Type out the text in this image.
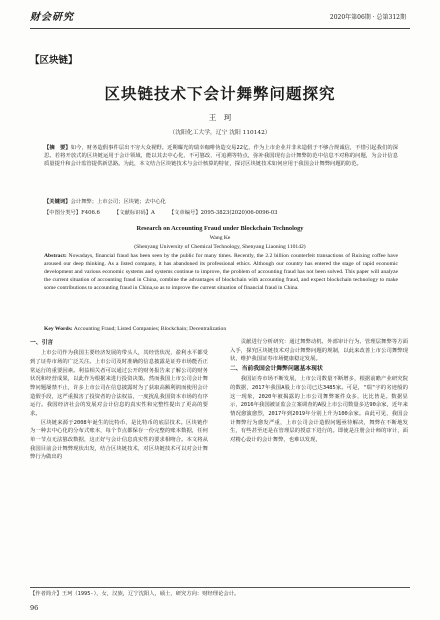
财会研究	2020年第06期 · 总第312期
【区块链】
区块链技术下会计舞弊问题探究
王　珂
（沈阳化工大学，辽宁 沈阳 110142）
【摘　要】如今，财务造假事件层出不穷大众视野。近期曝光的瑞幸咖啡伪造交易22亿，作为上市企业并非未造假于不够合规诚信，不惜引起我们的深思。若将开放式的区块链运用于会计领域，能以其去中心化、不可篡改、可追溯等特点，弥补我国现有会计舞弊防范中信息不对称的问题，为会计信息质量提升和会计监管提供新思路。为此，本文结合区块链技术与会计核算的特征，探讨区块链技术如何应用于我国会计舞弊问题的防范。
【关键词】会计舞弊；上市公司；区块链；去中心化
【中图分类号】F406.6	【文献标识码】A	【文章编号】2095-3823(2020)06-0096-03
Research on Accounting Fraud under Blockchain Technology
Wang Ke
(Shenyang University of Chemical Technology, Shenyang Liaoning 110142)
Abstract: Nowadays, financial fraud has been seen by the public for many times. Recently, the 2.2 billion counterfeit transactions of Ruixing coffee have aroused our deep thinking. As a listed company, it has abandoned its professional ethics. Although our country has entered the stage of rapid economic development and various economic systems and systems continue to improve, the problem of accounting fraud has not been solved. This paper will analyze the current situation of accounting fraud in China, combine the advantages of blockchain with accounting fraud, and expect blockchain technology to make some contributions to accounting fraud in China,so as to improve the current situation of financial fraud in China.
Key Words: Accounting Fraud; Listed Companies; Blockchain; Decentralization
一、引言

上市公司作为我国主要经济发展的带头人，其经营状况，盈利水平都受到了证券市场的广泛关注。上市公司及时准确的信息披露是证券市场能否正常运行的重要因素。利益相关者可以通过公开的财务报告来了解公司的财务状况和经营成果，以此作为根据来进行投资决策。然而我国上市公司会计舞弊问题屡禁不止，许多上市公司在信息披露时为了获取高额利润而使用会计造假手段，这严重损害了投资者的合法权益，一度扰乱我国资本市场的有序运行。我国经济社会的发展对会计信息的真实性和完整性提出了更高的要求。

区块链来源于2008年诞生的比特币，是比特币的底层技术。区块链作为一种去中心化的分布式账本，每个节点都保存一份完整的账本数据，任何单一节点无法篡改数据，这正好与会计信息真实性的要求相吻合。本文将从我国目前会计舞弊现状出发，结合区块链技术，对区块链技术可以对会计舞弊行为做出的

贡献进行分析研究：通过舞弊动机、外部审计行为、管理层舞弊等方面入手，探究区块链技术对会计舞弊问题的规制，以此来改善上市公司舞弊现状，维护我国证券市场健康稳定发展。

二、当前我国会计舞弊问题基本现状

我国证券市场不断发展，上市公司数量不断增多，根据前瞻产业研究院的数据，2017年我国A股上市公司已达3485家。可是，"瑞"字的劣迹般的这一现象，2020年被揭露的上市公司舞弊案件众多，比比皆是。数据显示，2016年我国被证监会立案调查的A股上市公司数量多达90余家，近年来情况愈演愈烈，2017年到2019年分别上升为100余家。由此可见，我国会计舞弊行为愈发严重，上市公司会计造假问题亟待解决，舞弊在不断地发生，有些甚至还是在管理层的授意下进行的。即使是注册会计师的审计，面对精心设计的会计舞弊，也难以发现，

【作者简介】王珂（1995-），女，汉族，辽宁沈阳人，硕士，研究方向：财经理论会计。
96
